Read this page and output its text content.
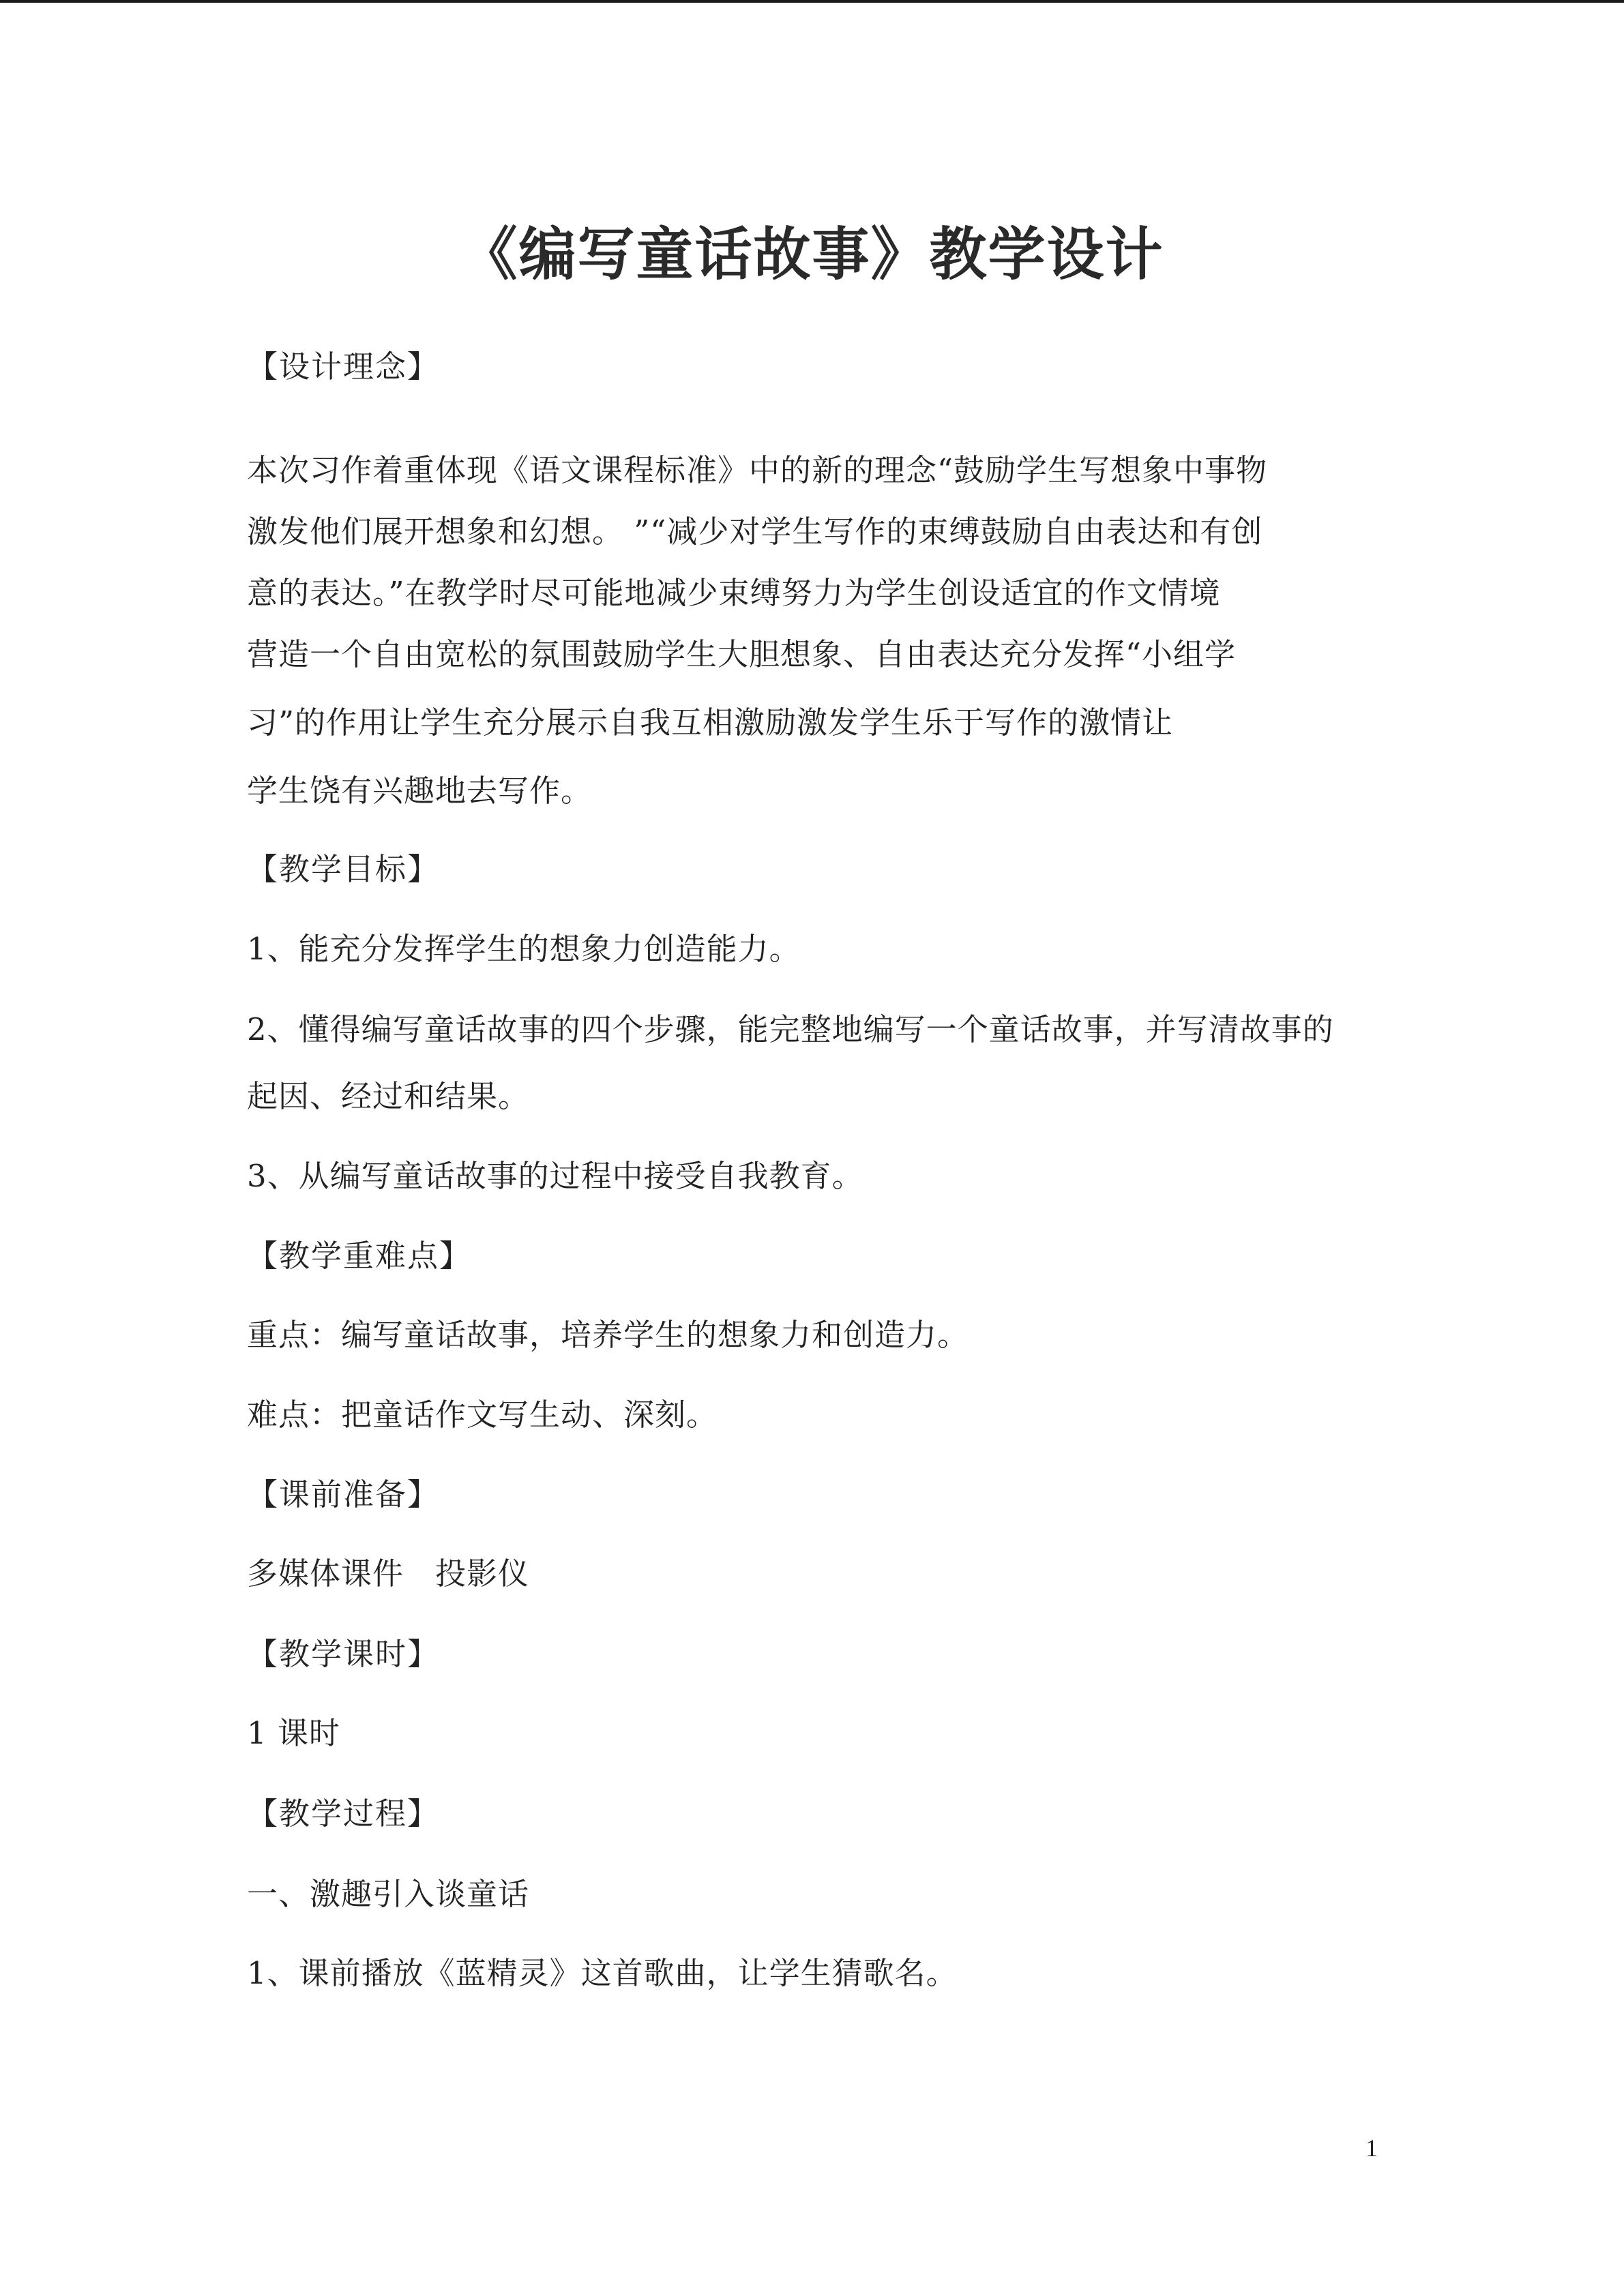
《编写童话故事》教学设计
【设计理念】
本次习作着重体现《语文课程标准》中的新的理念“鼓励学生写想象中事物
激发他们展开想象和幻想。 ”“减少对学生写作的束缚鼓励自由表达和有创
意的表达。”在教学时尽可能地减少束缚努力为学生创设适宜的作文情境
营造一个自由宽松的氛围鼓励学生大胆想象、自由表达充分发挥“小组学
习”的作用让学生充分展示自我互相激励激发学生乐于写作的激情让
学生饶有兴趣地去写作。
【教学目标】
1、能充分发挥学生的想象力创造能力。
2、懂得编写童话故事的四个步骤，能完整地编写一个童话故事，并写清故事的
起因、经过和结果。
3、从编写童话故事的过程中接受自我教育。
【教学重难点】
重点：编写童话故事，培养学生的想象力和创造力。
难点：把童话作文写生动、深刻。
【课前准备】
多媒体课件　投影仪
【教学课时】
1 课时
【教学过程】
一、激趣引入谈童话
1、课前播放《蓝精灵》这首歌曲，让学生猜歌名。
1
